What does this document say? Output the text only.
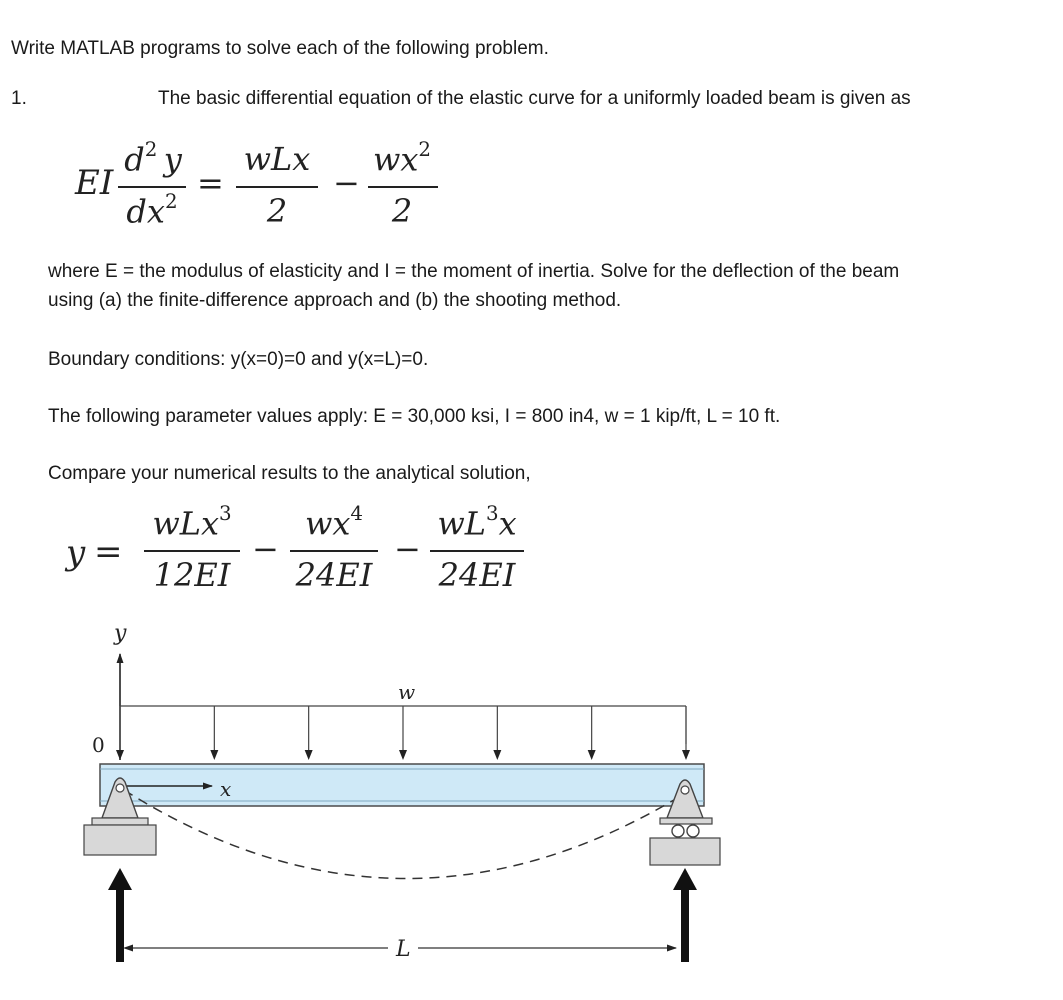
Write MATLAB programs to solve each of the following problem.
1.	The basic differential equation of the elastic curve for a uniformly loaded beam is given as
EI
$d^2$  y
$dx^2$ =
wLx
2
−
$wx^2$
2
where E = the modulus of elasticity and I = the moment of inertia. Solve for the deflection of the beam
using (a) the finite-difference approach and (b) the shooting method.
Boundary conditions: y(x=0)=0 and y(x=L)=0.
The following parameter values apply: E = 30,000 ksi, I = 800 in4, w = 1 kip/ft, L = 10 ft.
Compare your numerical results to the analytical solution,
y =
wLx$^3$
12EI
−
$wx^4$
24EI
−
$wL^3x$
24EI
y
0
w
x
L
